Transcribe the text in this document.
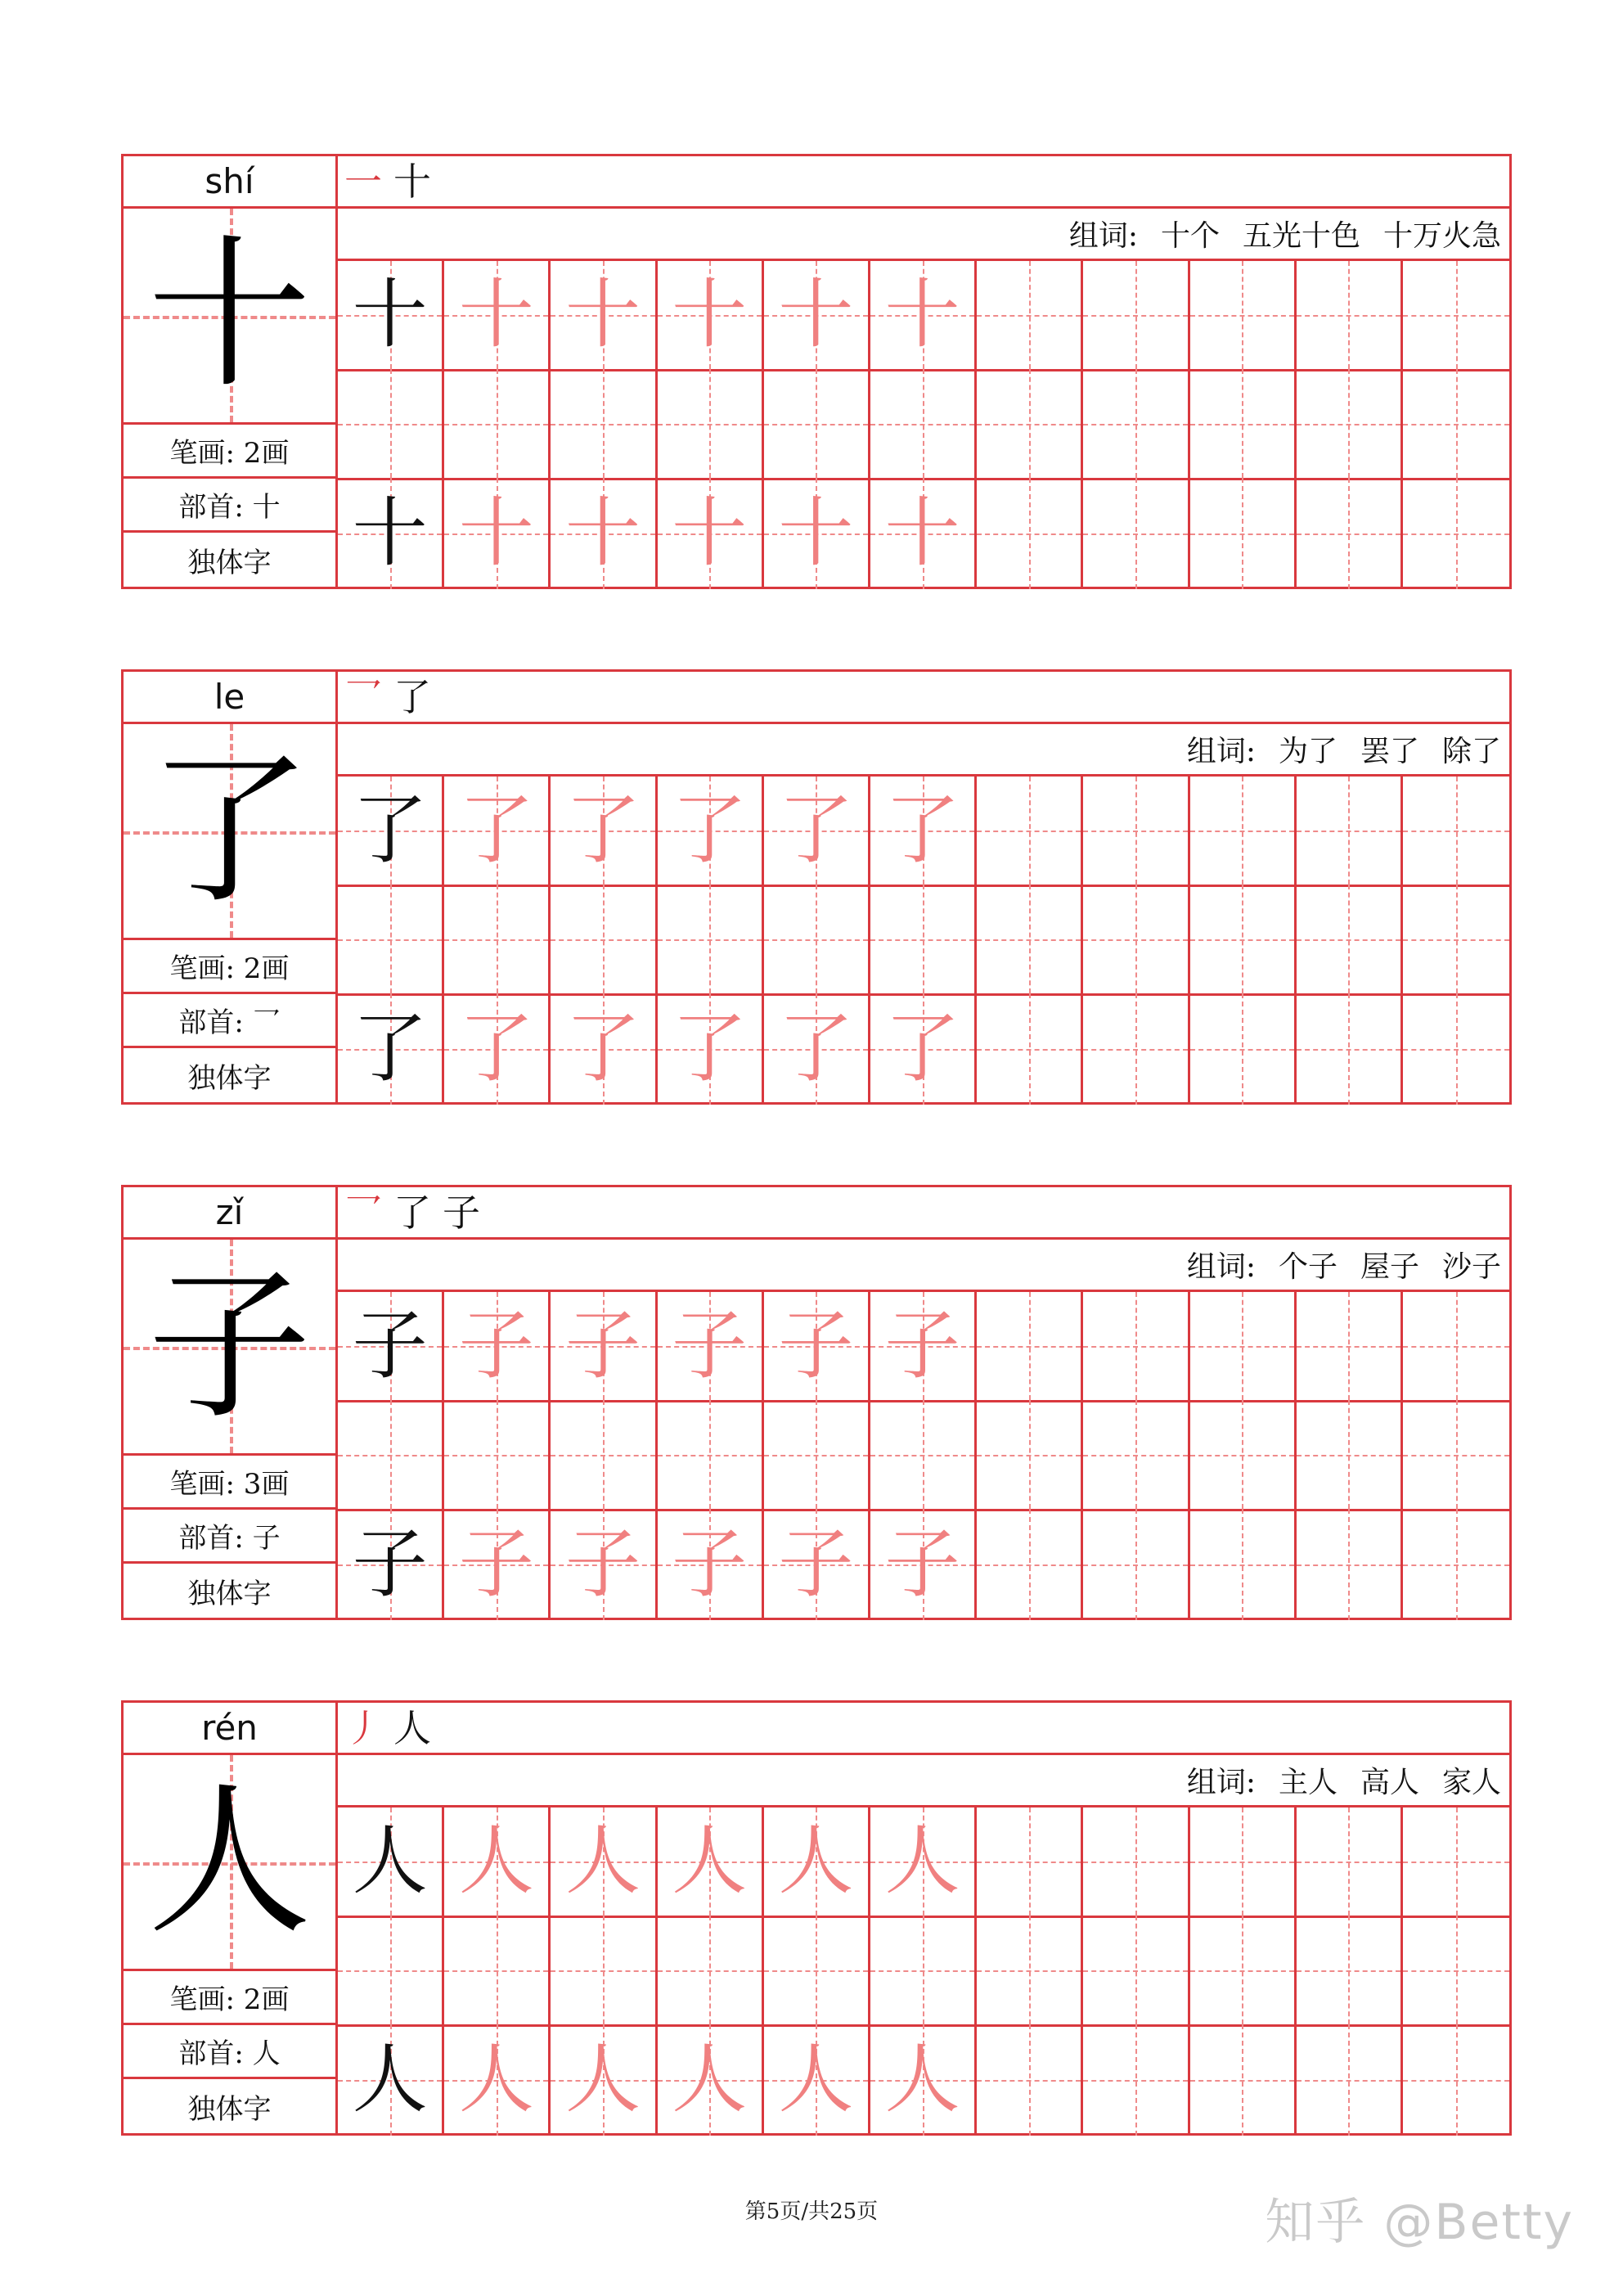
shí
十
笔画: 2画
部首: 十
独体字
一 十
组词: 十个 五光十色 十万火急
十 十 十 十 十 十
十 十 十 十 十 十
le
了
笔画: 2画
部首: 乛
独体字
乛 了
组词: 为了 罢了 除了
了 了 了 了 了 了
了 了 了 了 了 了
zǐ
子
笔画: 3画
部首: 子
独体字
乛 了 子
组词: 个子 屋子 沙子
子 子 子 子 子 子
子 子 子 子 子 子
rén
人
笔画: 2画
部首: 人
独体字
丿 人
组词: 主人 高人 家人
人 人 人 人 人 人
人 人 人 人 人 人
第5页/共25页	知乎 @Betty
